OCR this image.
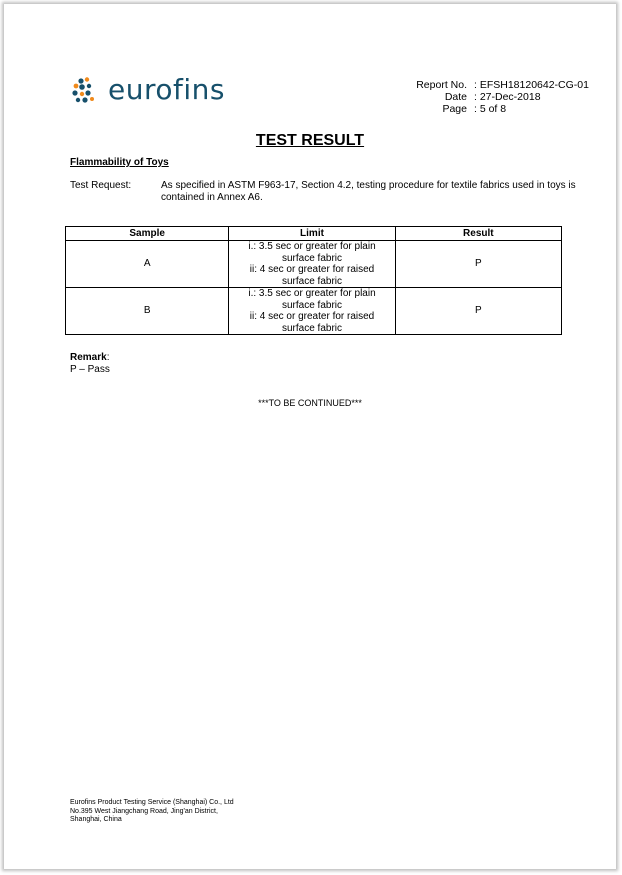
eurofins	Report No. : EFSH18120642-CG-01
Date : 27-Dec-2018
Page : 5 of 8
TEST RESULT
Flammability of Toys
Test Request:	As specified in ASTM F963-17, Section 4.2, testing procedure for textile fabrics used in toys is contained in Annex A6.
Sample	Limit	Result
A	i.: 3.5 sec or greater for plain
surface fabric
ii: 4 sec or greater for raised
surface fabric	P
B	i.: 3.5 sec or greater for plain
surface fabric
ii: 4 sec or greater for raised
surface fabric	P
Remark:
P – Pass
***TO BE CONTINUED***
Eurofins Product Testing Service (Shanghai) Co., Ltd
No.395 West Jiangchang Road, Jing'an District,
Shanghai, China
